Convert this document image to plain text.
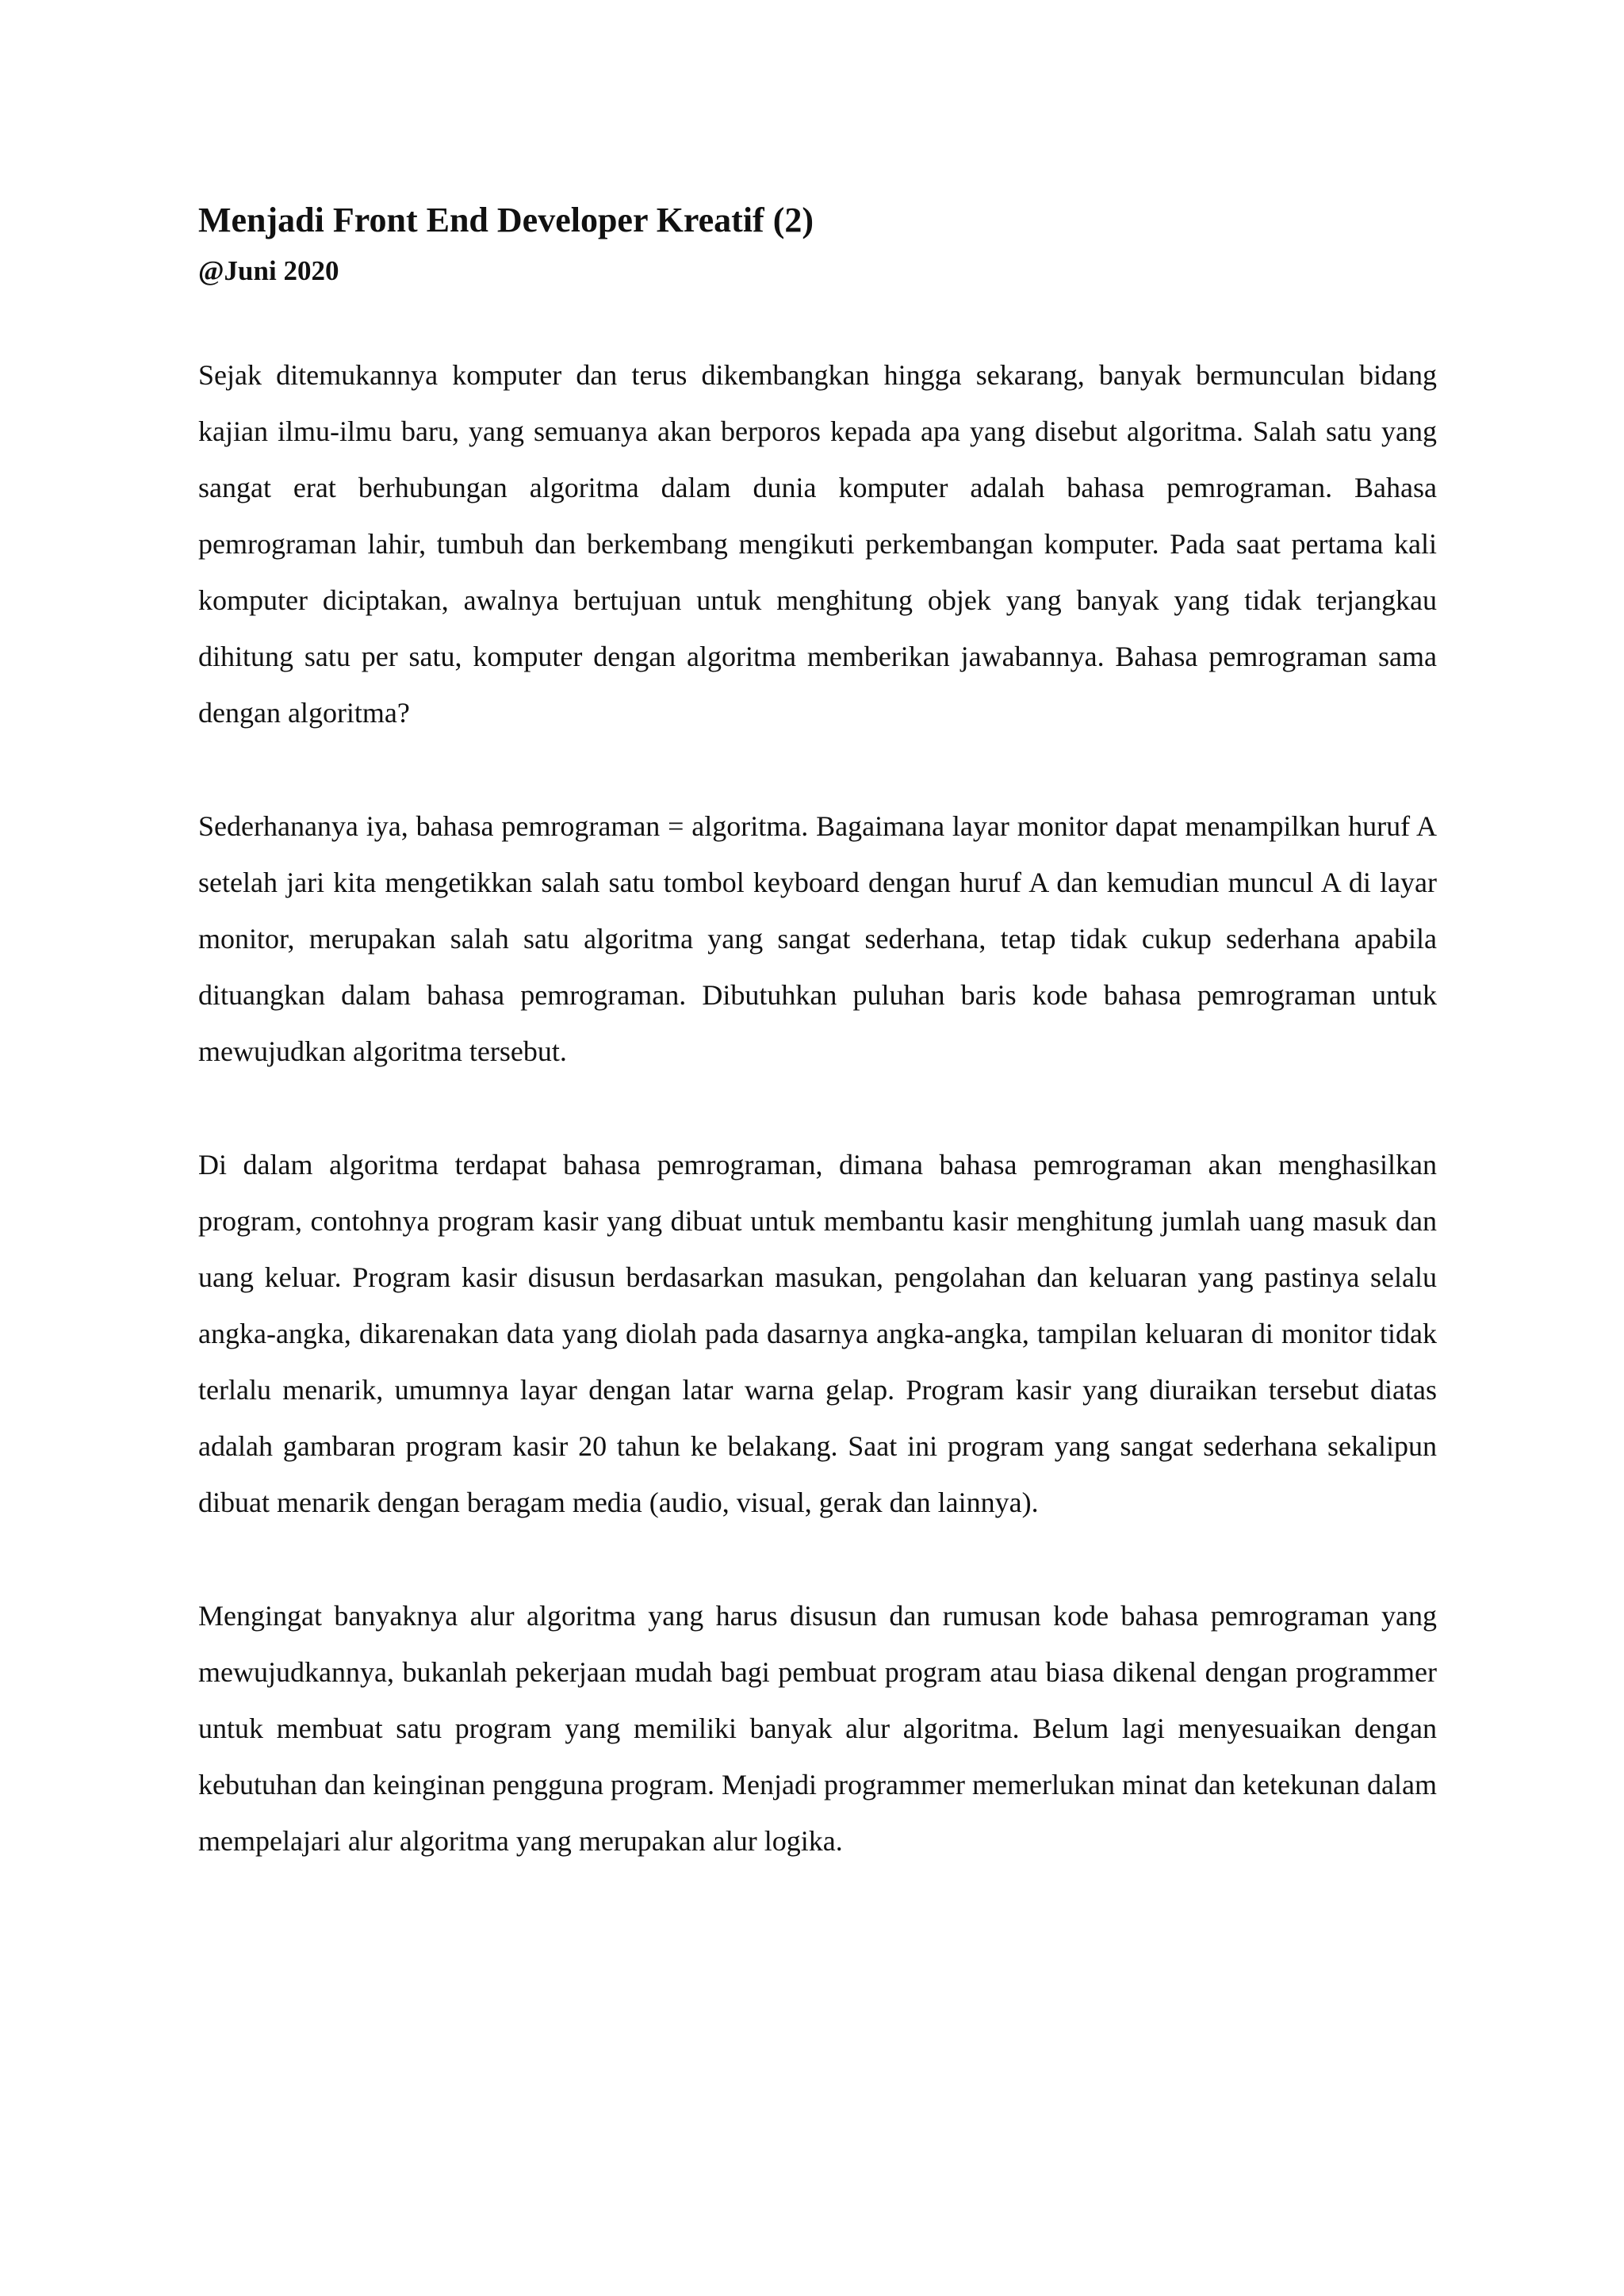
Menjadi Front End Developer Kreatif (2)

@Juni 2020

Sejak ditemukannya komputer dan terus dikembangkan hingga sekarang, banyak bermunculan bidang kajian ilmu-ilmu baru, yang semuanya akan berporos kepada apa yang disebut algoritma. Salah satu yang sangat erat berhubungan algoritma dalam dunia komputer adalah bahasa pemrograman. Bahasa pemrograman lahir, tumbuh dan berkembang mengikuti perkembangan komputer. Pada saat pertama kali komputer diciptakan, awalnya bertujuan untuk menghitung objek yang banyak yang tidak terjangkau dihitung satu per satu, komputer dengan algoritma memberikan jawabannya. Bahasa pemrograman sama dengan algoritma?

Sederhananya iya, bahasa pemrograman = algoritma. Bagaimana layar monitor dapat menampilkan huruf A setelah jari kita mengetikkan salah satu tombol keyboard dengan huruf A dan kemudian muncul A di layar monitor, merupakan salah satu algoritma yang sangat sederhana, tetap tidak cukup sederhana apabila dituangkan dalam bahasa pemrograman. Dibutuhkan puluhan baris kode bahasa pemrograman untuk mewujudkan algoritma tersebut.

Di dalam algoritma terdapat bahasa pemrograman, dimana bahasa pemrograman akan menghasilkan program, contohnya program kasir yang dibuat untuk membantu kasir menghitung jumlah uang masuk dan uang keluar. Program kasir disusun berdasarkan masukan, pengolahan dan keluaran yang pastinya selalu angka-angka, dikarenakan data yang diolah pada dasarnya angka-angka, tampilan keluaran di monitor tidak terlalu menarik, umumnya layar dengan latar warna gelap. Program kasir yang diuraikan tersebut diatas adalah gambaran program kasir 20 tahun ke belakang. Saat ini program yang sangat sederhana sekalipun dibuat menarik dengan beragam media (audio, visual, gerak dan lainnya).

Mengingat banyaknya alur algoritma yang harus disusun dan rumusan kode bahasa pemrograman yang mewujudkannya, bukanlah pekerjaan mudah bagi pembuat program atau biasa dikenal dengan programmer untuk membuat satu program yang memiliki banyak alur algoritma. Belum lagi menyesuaikan dengan kebutuhan dan keinginan pengguna program. Menjadi programmer memerlukan minat dan ketekunan dalam mempelajari alur algoritma yang merupakan alur logika.
